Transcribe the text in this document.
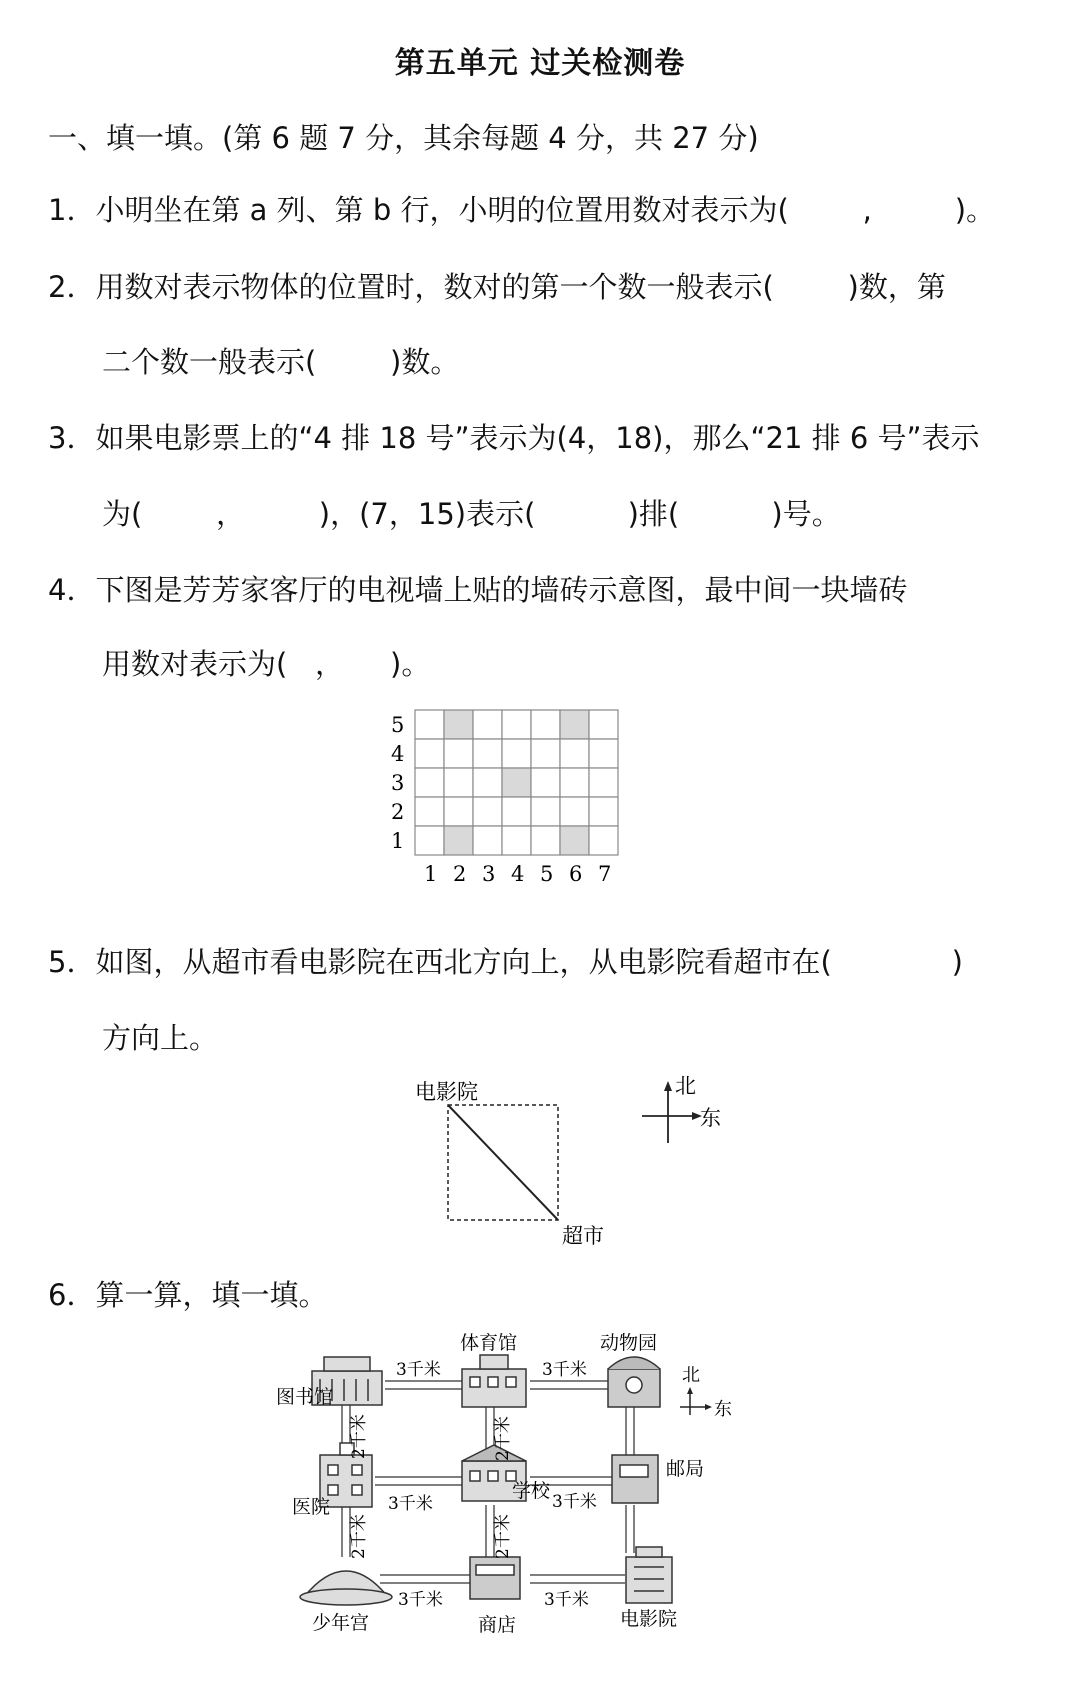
第五单元 过关检测卷
一、填一填。(第 6 题 7 分，其余每题 4 分，共 27 分)
1．小明坐在第 a 列、第 b 行，小明的位置用数对表示为(        ,         )。
2．用数对表示物体的位置时，数对的第一个数一般表示(        )数，第
二个数一般表示(        )数。
3．如果电影票上的“4 排 18 号”表示为(4，18)，那么“21 排 6 号”表示
为(        ，        )，(7，15)表示(          )排(          )号。
4．下图是芳芳家客厅的电视墙上贴的墙砖示意图，最中间一块墙砖
用数对表示为(   ，     )。
5
4
3
2
1
1 2 3 4 5 6 7
5．如图，从超市看电影院在西北方向上，从电影院看超市在(             )
方向上。
电影院
超市
北
东
6．算一算，填一填。
图书馆
体育馆	动物园
医院
学校
邮局
少年宫	商店	电影院
3千米	3千米
3千米	3千米
3千米	3千米
2千米
2千米
2千米
2千米
北
东
